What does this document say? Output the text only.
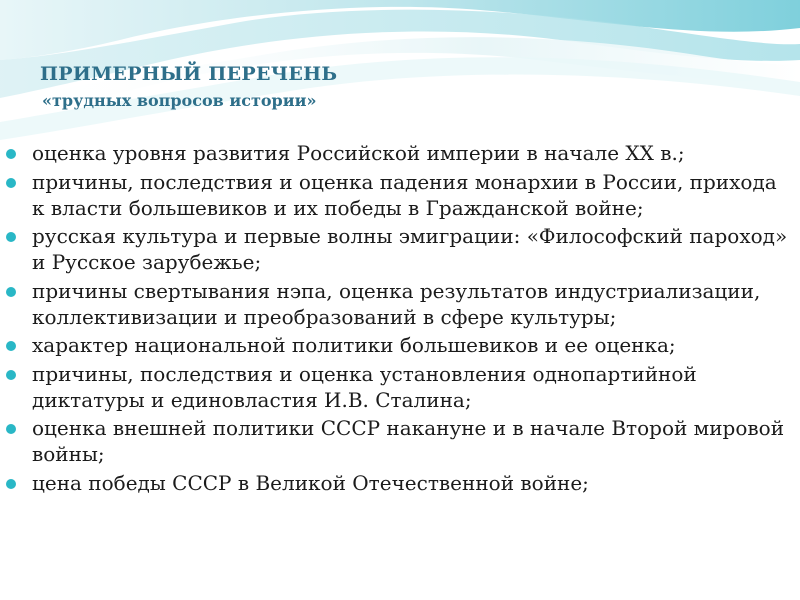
ПРИМЕРНЫЙ ПЕРЕЧЕНЬ
«трудных вопросов истории»
оценка уровня развития Российской империи в начале XX в.;
причины, последствия и оценка падения монархии в России, прихода к власти большевиков и их победы в Гражданской войне;
русская культура и первые волны эмиграции: «Философский пароход» и Русское зарубежье;
причины свертывания нэпа, оценка результатов индустриализации, коллективизации и преобразований в сфере культуры;
характер национальной политики большевиков и ее оценка;
причины, последствия и оценка установления однопартийной диктатуры и единовластия И.В. Сталина;
оценка внешней политики СССР накануне и в начале Второй мировой войны;
цена победы СССР в Великой Отечественной войне;
